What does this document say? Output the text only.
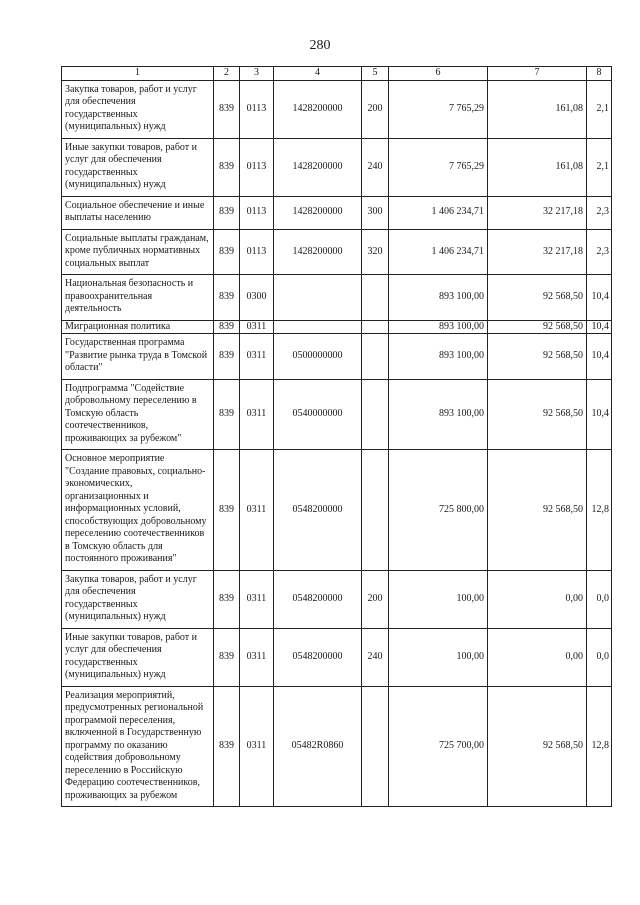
280
1	2	3	4	5	6	7	8
Закупка товаров, работ и услуг для обеспечения государственных (муниципальных) нужд	839	0113	1428200000	200	7 765,29	161,08	2,1
Иные закупки товаров, работ и услуг для обеспечения государственных (муниципальных) нужд	839	0113	1428200000	240	7 765,29	161,08	2,1
Социальное обеспечение и иные выплаты населению	839	0113	1428200000	300	1 406 234,71	32 217,18	2,3
Социальные выплаты гражданам, кроме публичных нормативных социальных выплат	839	0113	1428200000	320	1 406 234,71	32 217,18	2,3
Национальная безопасность и правоохранительная деятельность	839	0300			893 100,00	92 568,50	10,4
Миграционная политика	839	0311			893 100,00	92 568,50	10,4
Государственная программа "Развитие рынка труда в Томской области"	839	0311	0500000000		893 100,00	92 568,50	10,4
Подпрограмма "Содействие добровольному переселению в Томскую область соотечественников, проживающих за рубежом"	839	0311	0540000000		893 100,00	92 568,50	10,4
Основное мероприятие "Создание правовых, социально-экономических, организационных и информационных условий, способствующих добровольному переселению соотечественников в Томскую область для постоянного проживания"	839	0311	0548200000		725 800,00	92 568,50	12,8
Закупка товаров, работ и услуг для обеспечения государственных (муниципальных) нужд	839	0311	0548200000	200	100,00	0,00	0,0
Иные закупки товаров, работ и услуг для обеспечения государственных (муниципальных) нужд	839	0311	0548200000	240	100,00	0,00	0,0
Реализация мероприятий, предусмотренных региональной программой переселения, включенной в Государственную программу по оказанию содействия добровольному переселению в Российскую Федерацию соотечественников, проживающих за рубежом	839	0311	05482R0860		725 700,00	92 568,50	12,8
